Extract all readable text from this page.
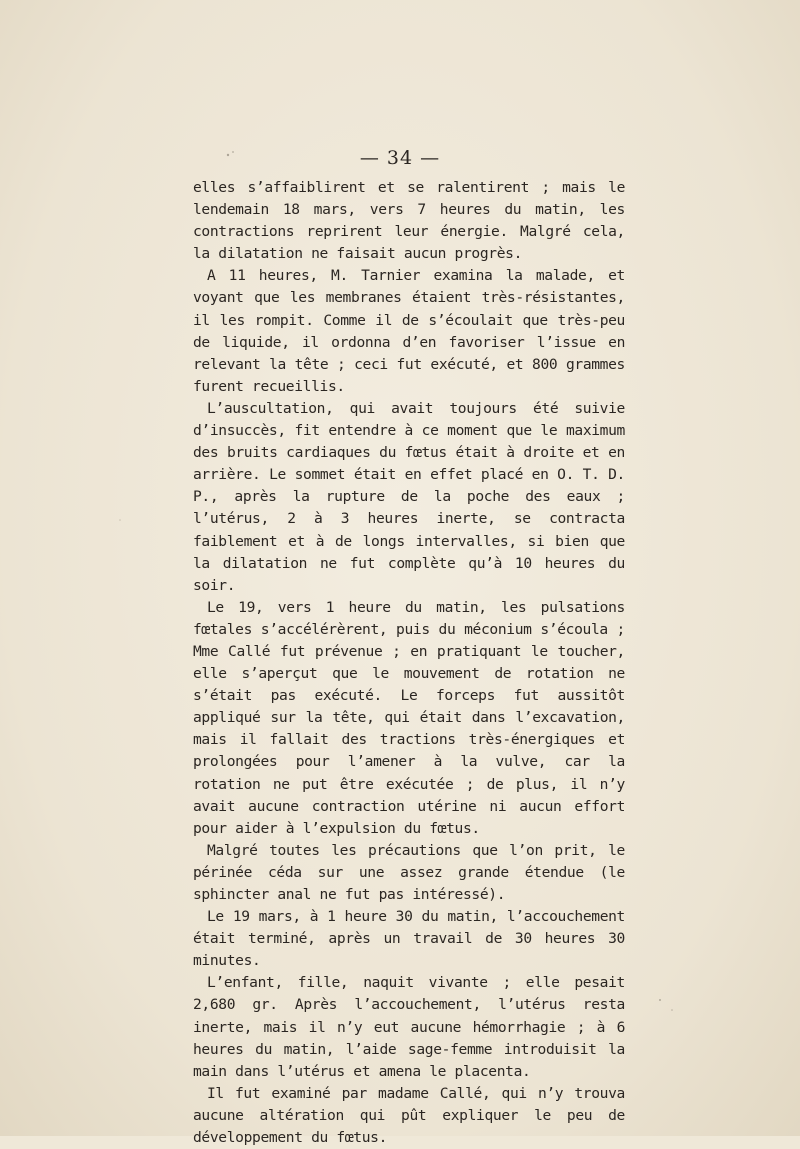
— 34 —

elles s’affaiblirent et se ralentirent ; mais le lendemain 18 mars, vers 7 heures du matin, les contractions reprirent leur énergie. Malgré cela, la dilatation ne faisait aucun progrès.

A 11 heures, M. Tarnier examina la malade, et voyant que les membranes étaient très-résistantes, il les rompit. Comme il de s’écoulait que très-peu de liquide, il ordonna d’en favoriser l’issue en relevant la tête ; ceci fut exécuté, et 800 grammes furent recueillis.

L’auscultation, qui avait toujours été suivie d’insuccès, fit entendre à ce moment que le maximum des bruits cardiaques du fœtus était à droite et en arrière. Le sommet était en effet placé en O. T. D. P., après la rupture de la poche des eaux ; l’utérus, 2 à 3 heures inerte, se contracta faiblement et à de longs intervalles, si bien que la dilatation ne fut complète qu’à 10 heures du soir.

Le 19, vers 1 heure du matin, les pulsations fœtales s’accélérèrent, puis du méconium s’écoula ; Mme Callé fut prévenue ; en pratiquant le toucher, elle s’aperçut que le mouvement de rotation ne s’était pas exécuté. Le forceps fut aussitôt appliqué sur la tête, qui était dans l’excavation, mais il fallait des tractions très-énergiques et prolongées pour l’amener à la vulve, car la rotation ne put être exécutée ; de plus, il n’y avait aucune contraction utérine ni aucun effort pour aider à l’expulsion du fœtus.

Malgré toutes les précautions que l’on prit, le périnée céda sur une assez grande étendue (le sphincter anal ne fut pas intéressé).

Le 19 mars, à 1 heure 30 du matin, l’accouchement était terminé, après un travail de 30 heures 30 minutes.

L’enfant, fille, naquit vivante ; elle pesait 2,680 gr. Après l’accouchement, l’utérus resta inerte, mais il n’y eut aucune hémorrhagie ; à 6 heures du matin, l’aide sage-femme introduisit la main dans l’utérus et amena le placenta.

Il fut examiné par madame Callé, qui n’y trouva aucune altération qui pût expliquer le peu de développement du fœtus.
